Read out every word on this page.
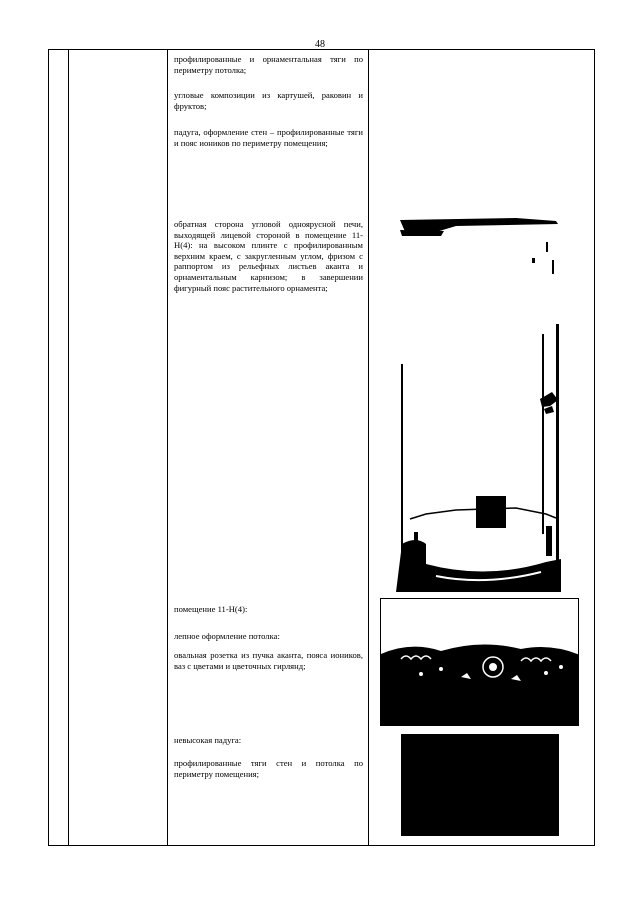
48

профилированные и орнаментальная тяги по периметру потолка;

угловые композиции из картушей, раковин и фруктов;

падуга, оформление стен – профилированные тяги и пояс иоников по периметру помещения;

обратная сторона угловой одноярусной печи, выходящей лицевой стороной в помещение 11-Н(4): на высоком плинте с профилированным верхним краем, с закругленным углом, фризом с раппортом из рельефных листьев аканта и орнаментальным карнизом; в завершении фигурный пояс растительного орнамента;

помещение 11-Н(4):

лепное оформление потолка:

овальная розетка из пучка аканта, пояса иоников, ваз с цветами и цветочных гирлянд;

невысокая падуга:

профилированные тяги стен и потолка по периметру помещения;
